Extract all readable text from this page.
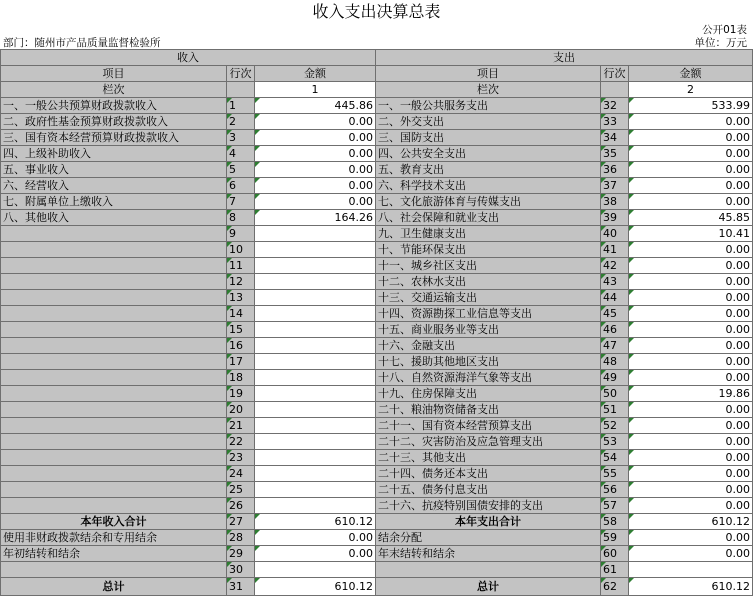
收入支出决算总表
公开01表
部门：随州市产品质量监督检验所	单位：万元
收入			支出		
项目	行次	金额	项目	行次	金额
栏次		1	栏次		2
一、一般公共预算财政拨款收入	1	445.86	一、一般公共服务支出	32	533.99
二、政府性基金预算财政拨款收入	2	0.00	二、外交支出	33	0.00
三、国有资本经营预算财政拨款收入	3	0.00	三、国防支出	34	0.00
四、上级补助收入	4	0.00	四、公共安全支出	35	0.00
五、事业收入	5	0.00	五、教育支出	36	0.00
六、经营收入	6	0.00	六、科学技术支出	37	0.00
七、附属单位上缴收入	7	0.00	七、文化旅游体育与传媒支出	38	0.00
八、其他收入	8	164.26	八、社会保障和就业支出	39	45.85
	9		九、卫生健康支出	40	10.41
	10		十、节能环保支出	41	0.00
	11		十一、城乡社区支出	42	0.00
	12		十二、农林水支出	43	0.00
	13		十三、交通运输支出	44	0.00
	14		十四、资源勘探工业信息等支出	45	0.00
	15		十五、商业服务业等支出	46	0.00
	16		十六、金融支出	47	0.00
	17		十七、援助其他地区支出	48	0.00
	18		十八、自然资源海洋气象等支出	49	0.00
	19		十九、住房保障支出	50	19.86
	20		二十、粮油物资储备支出	51	0.00
	21		二十一、国有资本经营预算支出	52	0.00
	22		二十二、灾害防治及应急管理支出	53	0.00
	23		二十三、其他支出	54	0.00
	24		二十四、债务还本支出	55	0.00
	25		二十五、债务付息支出	56	0.00
	26		二十六、抗疫特别国债安排的支出	57	0.00
本年收入合计	27	610.12	本年支出合计	58	610.12
使用非财政拨款结余和专用结余	28	0.00	结余分配	59	0.00
年初结转和结余	29	0.00	年末结转和结余	60	0.00
	30			61	
总计	31	610.12	总计	62	610.12
